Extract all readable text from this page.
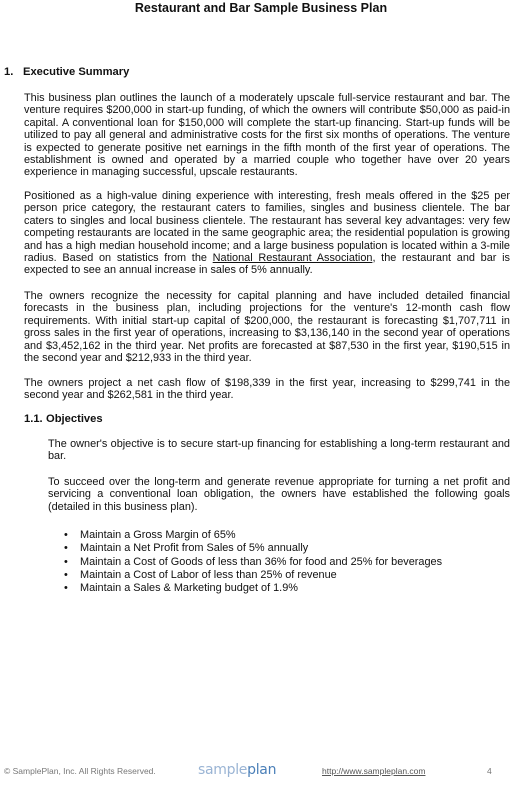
Restaurant and Bar Sample Business Plan
1. Executive Summary
This business plan outlines the launch of a moderately upscale full-service restaurant and bar. The venture requires $200,000 in start-up funding, of which the owners will contribute $50,000 as paid-in capital. A conventional loan for $150,000 will complete the start-up financing. Start-up funds will be utilized to pay all general and administrative costs for the first six months of operations. The venture is expected to generate positive net earnings in the fifth month of the first year of operations. The establishment is owned and operated by a married couple who together have over 20 years experience in managing successful, upscale restaurants.
Positioned as a high-value dining experience with interesting, fresh meals offered in the $25 per person price category, the restaurant caters to families, singles and business clientele. The bar caters to singles and local business clientele. The restaurant has several key advantages: very few competing restaurants are located in the same geographic area; the residential population is growing and has a high median household income; and a large business population is located within a 3-mile radius. Based on statistics from the National Restaurant Association, the restaurant and bar is expected to see an annual increase in sales of 5% annually.
The owners recognize the necessity for capital planning and have included detailed financial forecasts in the business plan, including projections for the venture's 12-month cash flow requirements. With initial start-up capital of $200,000, the restaurant is forecasting $1,707,711 in gross sales in the first year of operations, increasing to $3,136,140 in the second year of operations and $3,452,162 in the third year. Net profits are forecasted at $87,530 in the first year, $190,515 in the second year and $212,933 in the third year.
The owners project a net cash flow of $198,339 in the first year, increasing to $299,741 in the second year and $262,581 in the third year.
1.1. Objectives
The owner's objective is to secure start-up financing for establishing a long-term restaurant and bar.
To succeed over the long-term and generate revenue appropriate for turning a net profit and servicing a conventional loan obligation, the owners have established the following goals (detailed in this business plan).
• Maintain a Gross Margin of 65%
• Maintain a Net Profit from Sales of 5% annually
• Maintain a Cost of Goods of less than 36% for food and 25% for beverages
• Maintain a Cost of Labor of less than 25% of revenue
• Maintain a Sales & Marketing budget of 1.9%
© SamplePlan, Inc. All Rights Reserved.	sampleplan	http://www.sampleplan.com	4
